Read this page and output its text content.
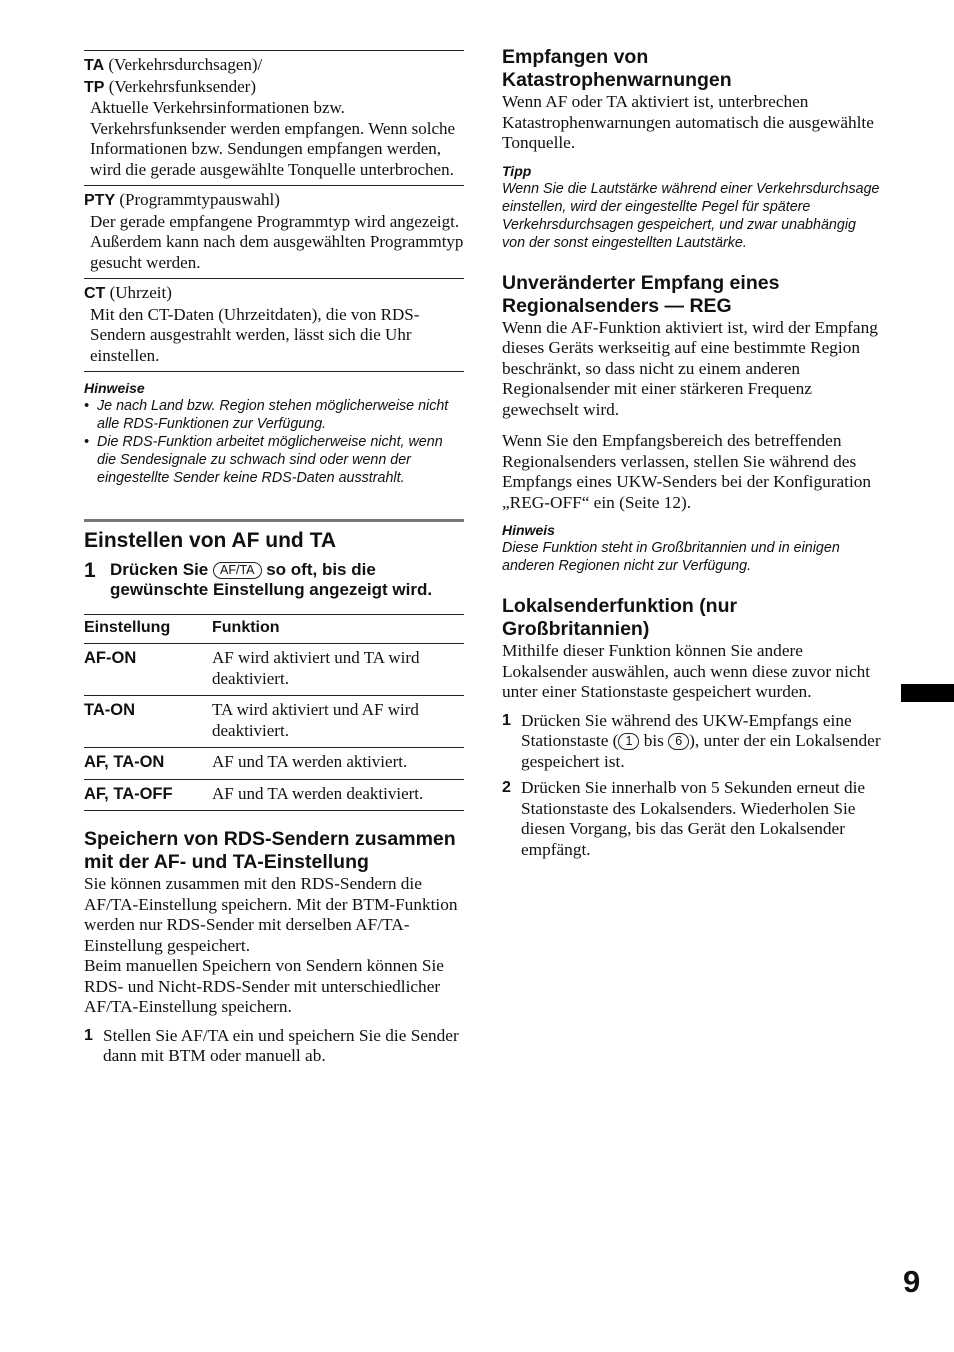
TA (Verkehrsdurchsagen)/
TP (Verkehrsfunksender)
Aktuelle Verkehrsinformationen bzw. Verkehrsfunksender werden empfangen. Wenn solche Informationen bzw. Sendungen empfangen werden, wird die gerade ausgewählte Tonquelle unterbrochen.
PTY (Programmtypauswahl)
Der gerade empfangene Programmtyp wird angezeigt. Außerdem kann nach dem ausgewählten Programmtyp gesucht werden.
CT (Uhrzeit)
Mit den CT-Daten (Uhrzeitdaten), die von RDS-Sendern ausgestrahlt werden, lässt sich die Uhr einstellen.
Hinweise
• Je nach Land bzw. Region stehen möglicherweise nicht alle RDS-Funktionen zur Verfügung.
• Die RDS-Funktion arbeitet möglicherweise nicht, wenn die Sendesignale zu schwach sind oder wenn der eingestellte Sender keine RDS-Daten ausstrahlt.
Einstellen von AF und TA
1 Drücken Sie AF/TA so oft, bis die gewünschte Einstellung angezeigt wird.
Einstellung	Funktion
AF-ON	AF wird aktiviert und TA wird deaktiviert.
TA-ON	TA wird aktiviert und AF wird deaktiviert.
AF, TA-ON	AF und TA werden aktiviert.
AF, TA-OFF	AF und TA werden deaktiviert.
Speichern von RDS-Sendern zusammen mit der AF- und TA-Einstellung

Sie können zusammen mit den RDS-Sendern die AF/TA-Einstellung speichern. Mit der BTM-Funktion werden nur RDS-Sender mit derselben AF/TA-Einstellung gespeichert.

Beim manuellen Speichern von Sendern können Sie RDS- und Nicht-RDS-Sender mit unterschiedlicher AF/TA-Einstellung speichern.

1 Stellen Sie AF/TA ein und speichern Sie die Sender dann mit BTM oder manuell ab.
Empfangen von Katastrophenwarnungen

Wenn AF oder TA aktiviert ist, unterbrechen Katastrophenwarnungen automatisch die ausgewählte Tonquelle.

Tipp
Wenn Sie die Lautstärke während einer Verkehrsdurchsage einstellen, wird der eingestellte Pegel für spätere Verkehrsdurchsagen gespeichert, und zwar unabhängig von der sonst eingestellten Lautstärke.
Unveränderter Empfang eines Regionalsenders — REG

Wenn die AF-Funktion aktiviert ist, wird der Empfang dieses Geräts werkseitig auf eine bestimmte Region beschränkt, so dass nicht zu einem anderen Regionalsender mit einer stärkeren Frequenz gewechselt wird.

Wenn Sie den Empfangsbereich des betreffenden Regionalsenders verlassen, stellen Sie während des Empfangs eines UKW-Senders bei der Konfiguration „REG-OFF“ ein (Seite 12).

Hinweis
Diese Funktion steht in Großbritannien und in einigen anderen Regionen nicht zur Verfügung.
Lokalsenderfunktion (nur Großbritannien)

Mithilfe dieser Funktion können Sie andere Lokalsender auswählen, auch wenn diese zuvor nicht unter einer Stationstaste gespeichert wurden.

1 Drücken Sie während des UKW-Empfangs eine Stationstaste ( 1 bis 6 ), unter der ein Lokalsender gespeichert ist.
2 Drücken Sie innerhalb von 5 Sekunden erneut die Stationstaste des Lokalsenders. Wiederholen Sie diesen Vorgang, bis das Gerät den Lokalsender empfängt.
9
